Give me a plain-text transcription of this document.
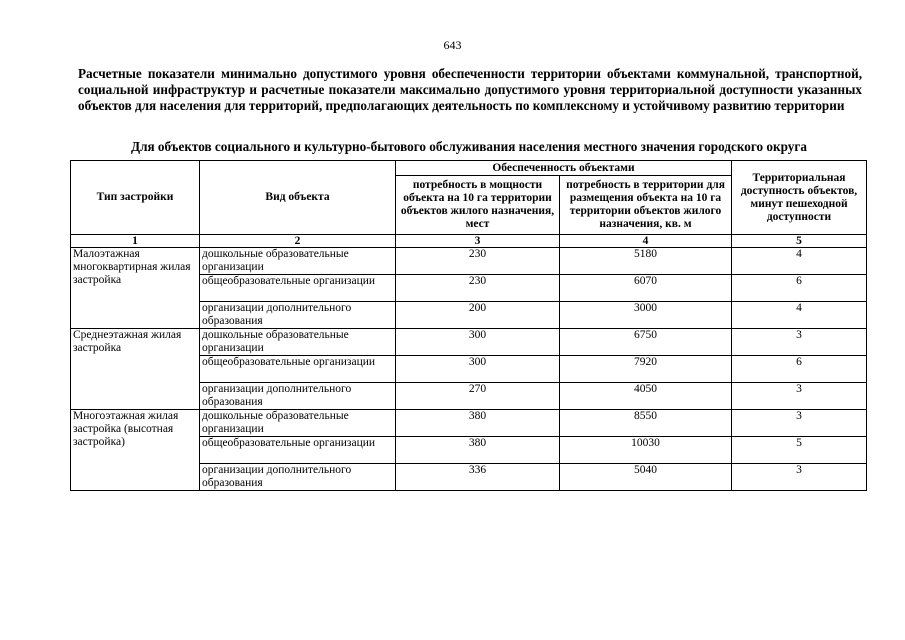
643
Расчетные показатели минимально допустимого уровня обеспеченности территории объектами коммунальной, транспортной, социальной инфраструктур и расчетные показатели максимально допустимого уровня территориальной доступности указанных объектов для населения для территорий, предполагающих деятельность по комплексному и устойчивому развитию территории
Для объектов социального и культурно-бытового обслуживания населения местного значения городского округа
Тип застройки	Вид объекта	Обеспеченность объектами		Территориальная доступность объектов, минут пешеходной доступности
		потребность в мощности объекта на 10 га территории объектов жилого назначения, мест	потребность в территории для размещения объекта на 10 га территории объектов жилого назначения, кв. м	
1	2	3	4	5
Малоэтажная многоквартирная жилая застройка	дошкольные образовательные организации	230	5180	4
	общеобразовательные организации	230	6070	6
	организации дополнительного образования	200	3000	4
Среднеэтажная жилая застройка	дошкольные образовательные организации	300	6750	3
	общеобразовательные организации	300	7920	6
	организации дополнительного образования	270	4050	3
Многоэтажная жилая застройка (высотная застройка)	дошкольные образовательные организации	380	8550	3
	общеобразовательные организации	380	10030	5
	организации дополнительного образования	336	5040	3
